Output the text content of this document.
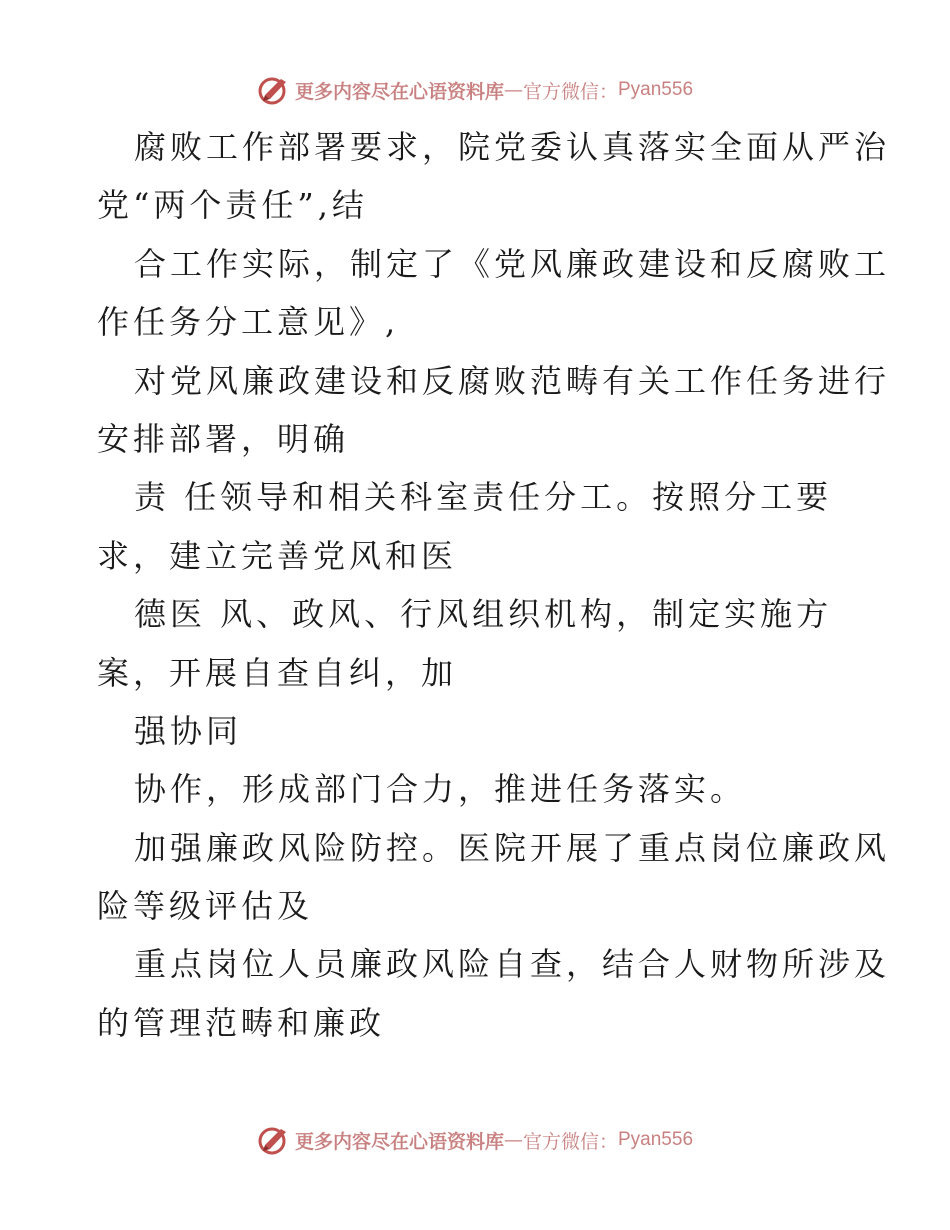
更多内容尽在心语资料库 — 官方微信： Pyan556
腐败工作部署要求，院党委认真落实全面从严治
党“两个责任”,结
合工作实际，制定了《党风廉政建设和反腐败工
作任务分工意见》,
对党风廉政建设和反腐败范畴有关工作任务进行
安排部署，明确
责 任领导和相关科室责任分工。按照分工要
求，建立完善党风和医
德医 风、政风、行风组织机构，制定实施方
案，开展自查自纠，加
强协同
协作，形成部门合力，推进任务落实。
加强廉政风险防控。医院开展了重点岗位廉政风
险等级评估及
重点岗位人员廉政风险自查，结合人财物所涉及
的管理范畴和廉政
更多内容尽在心语资料库 — 官方微信： Pyan556
